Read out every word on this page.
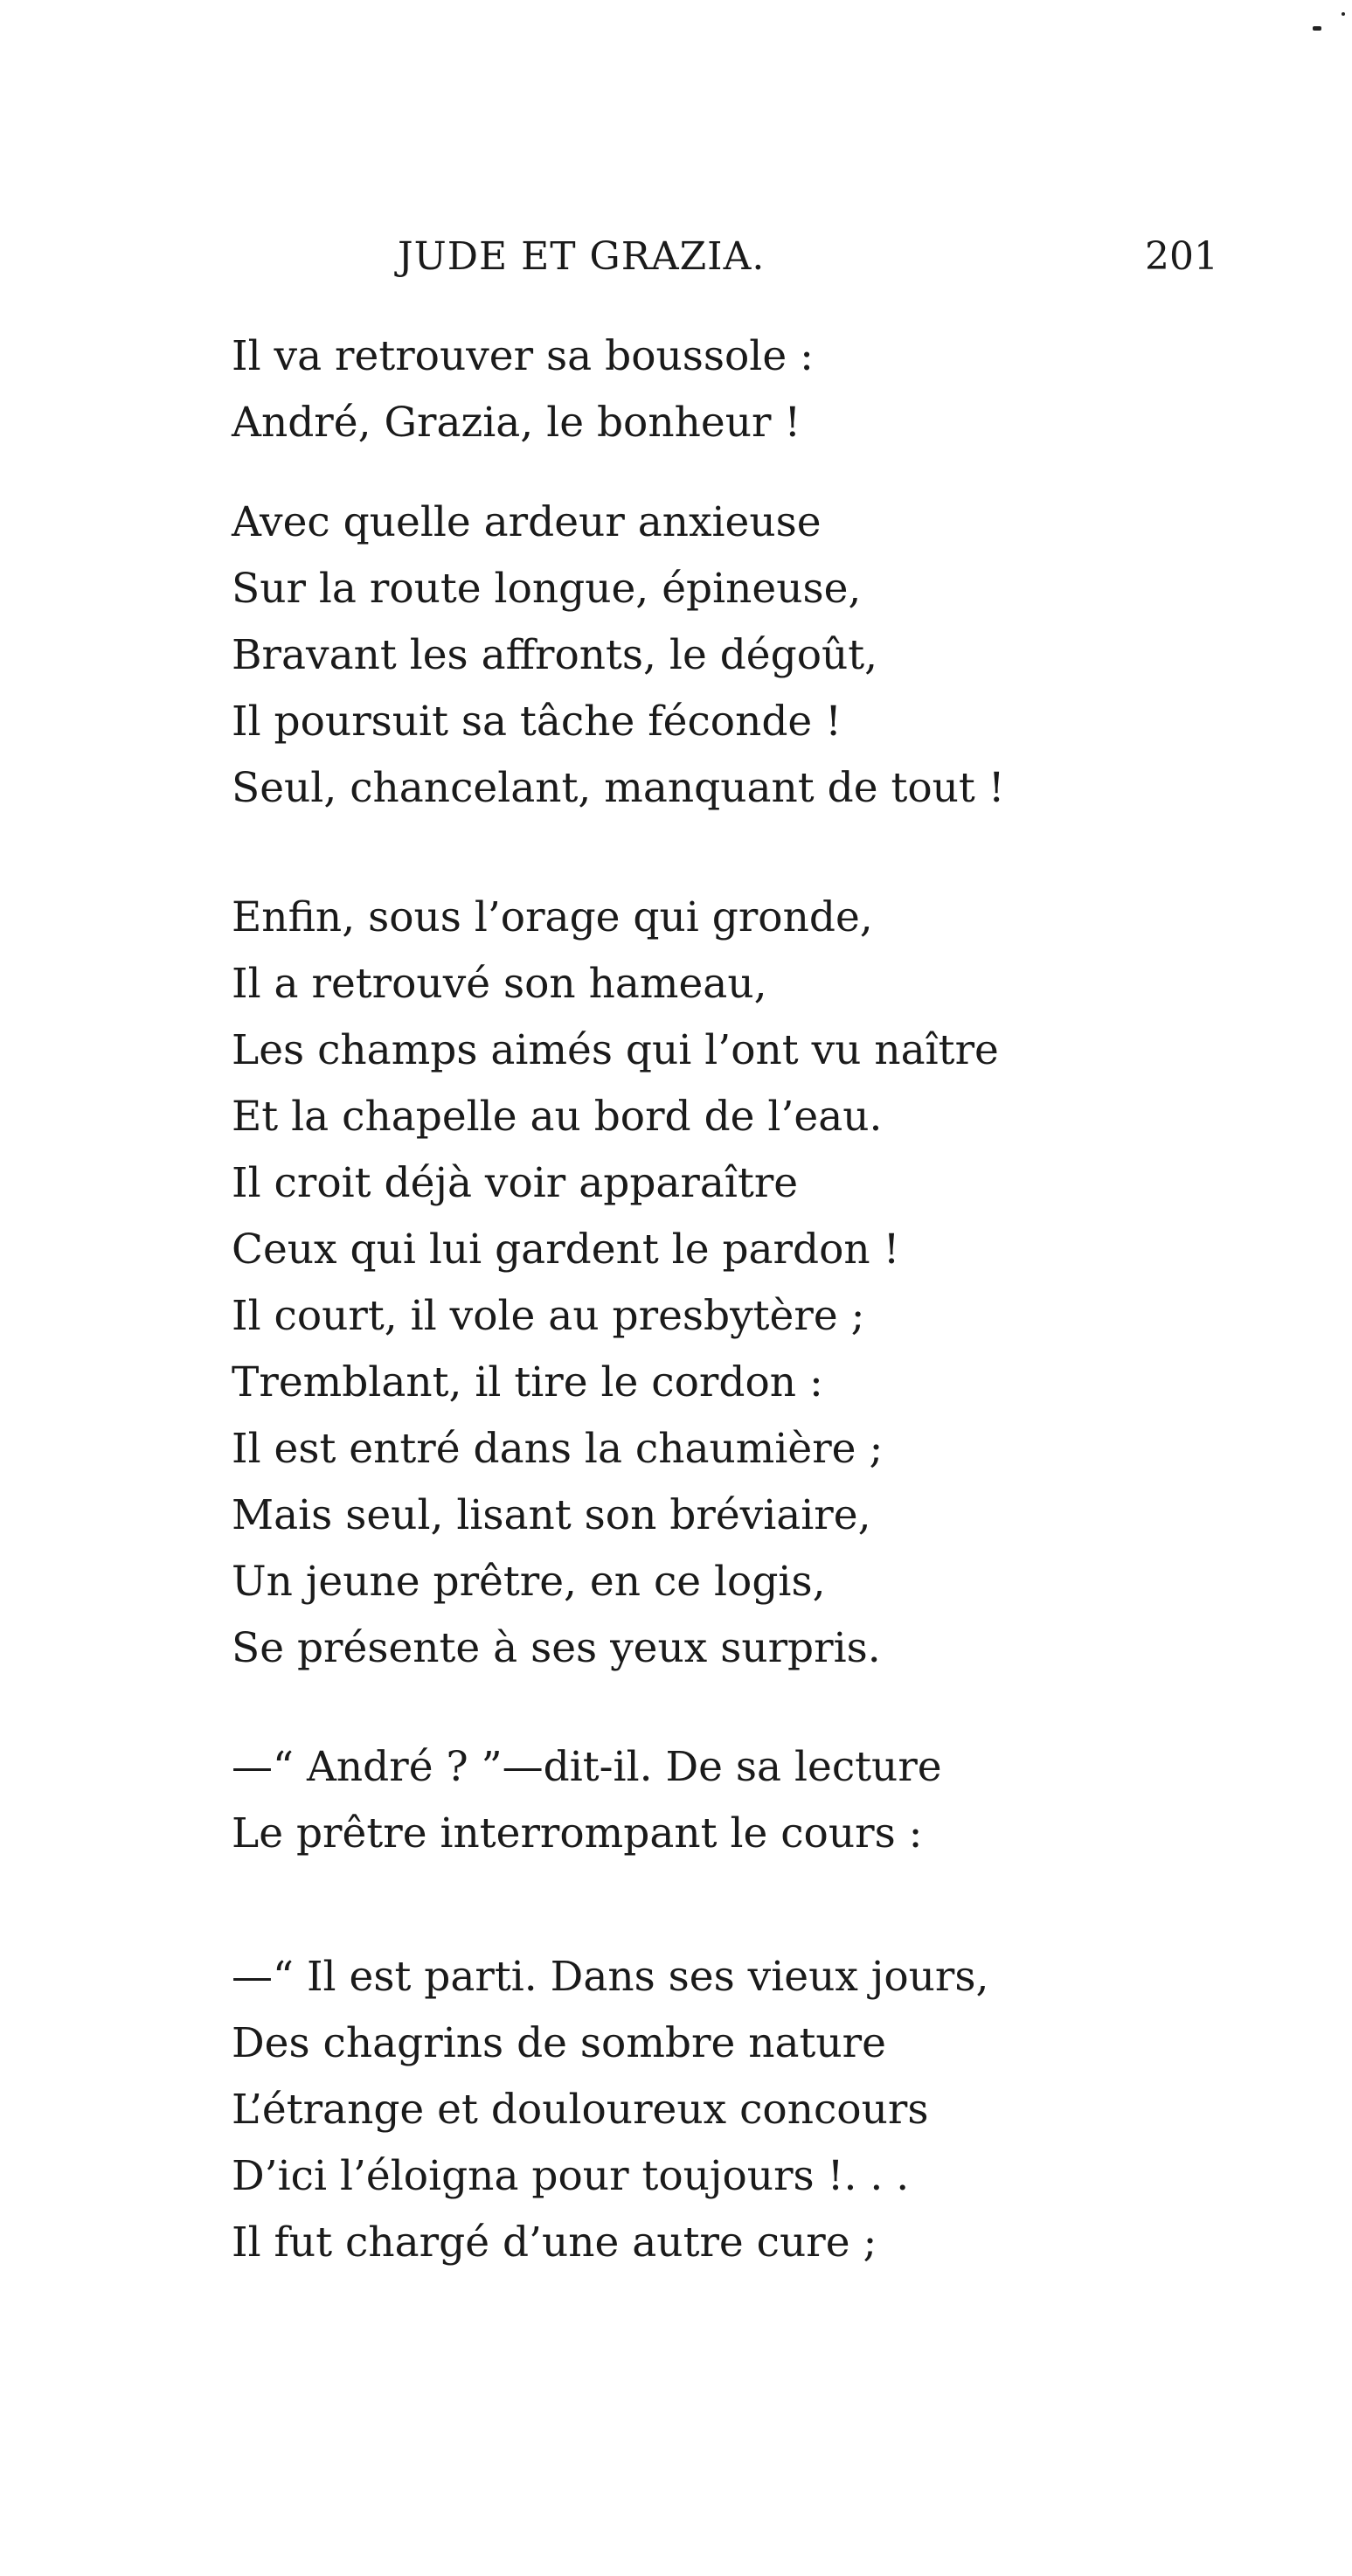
JUDE ET GRAZIA.	201
Il va retrouver sa boussole :
André, Grazia, le bonheur !
Avec quelle ardeur anxieuse
Sur la route longue, épineuse,
Bravant les affronts, le dégoût,
Il poursuit sa tâche féconde !
Seul, chancelant, manquant de tout !
Enfin, sous l’orage qui gronde,
Il a retrouvé son hameau,
Les champs aimés qui l’ont vu naître
Et la chapelle au bord de l’eau.
Il croit déjà voir apparaître
Ceux qui lui gardent le pardon !
Il court, il vole au presbytère ;
Tremblant, il tire le cordon :
Il est entré dans la chaumière ;
Mais seul, lisant son bréviaire,
Un jeune prêtre, en ce logis,
Se présente à ses yeux surpris.
—“ André ? ”—dit-il. De sa lecture
Le prêtre interrompant le cours :
—“ Il est parti. Dans ses vieux jours,
Des chagrins de sombre nature
L’étrange et douloureux concours
D’ici l’éloigna pour toujours !. . .
Il fut chargé d’une autre cure ;
